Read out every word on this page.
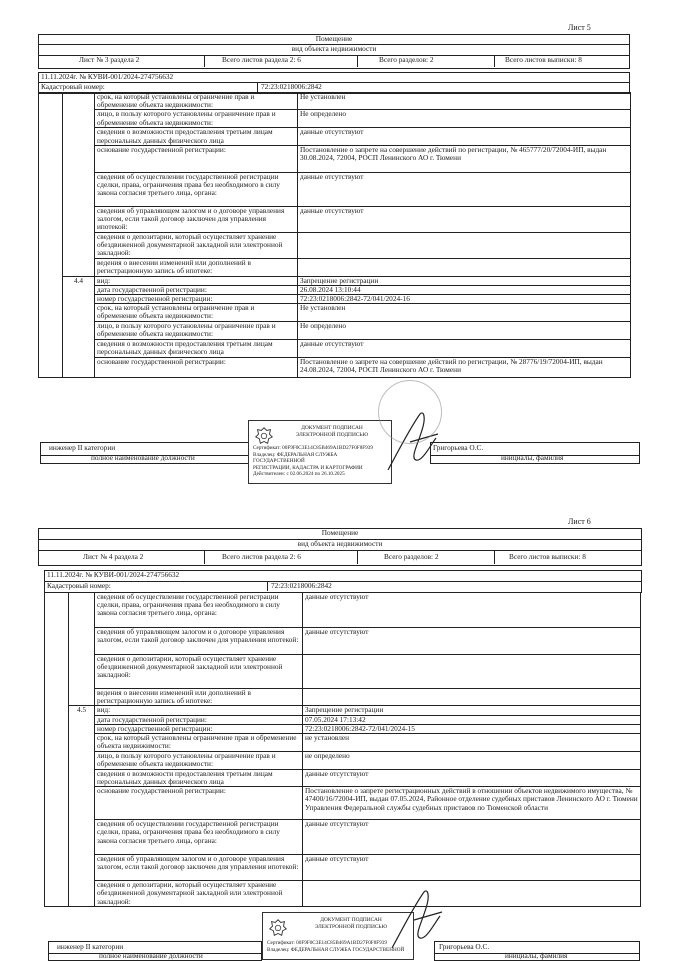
Лист 5
Помещение
вид объекта недвижимости
Лист № 3 раздела 2	Всего листов раздела 2: 6	Всего разделов: 2	Всего листов выписки: 8
11.11.2024г. № КУВИ-001/2024-274756632
Кадастровый номер:	72:23:0218006:2842
		срок, на который установлены ограничение прав и обременение объекта недвижимости:	Не установлен
		лицо, в пользу которого установлены ограничение прав и обременение объекта недвижимости:	Не определено
		сведения о возможности предоставления третьим лицам персональных данных физического лица	данные отсутствуют
		основание государственной регистрации:	Постановление о запрете на совершение действий по регистрации, № 465777/20/72004-ИП, выдан 30.08.2024, 72004, РОСП Ленинского АО г. Тюмени
		сведения об осуществлении государственной регистрации сделки, права, ограничения права без необходимого в силу закона согласия третьего лица, органа:	данные отсутствуют
		сведения об управляющем залогом и о договоре управления залогом, если такой договор заключен для управления ипотекой:	данные отсутствуют
		сведения о депозитарии, который осуществляет хранение обездвиженной документарной закладной или электронной закладной:	
		ведения о внесении изменений или дополнений в регистрационную запись об ипотеке:	
	4.4	вид:	Запрещение регистрации
		дата государственной регистрации:	26.08.2024 13:10:44
		номер государственной регистрации:	72:23:0218006:2842-72/041/2024-16
		срок, на который установлены ограничение прав и обременение объекта недвижимости:	Не установлен
		лицо, в пользу которого установлены ограничение прав и обременение объекта недвижимости:	Не определено
		сведения о возможности предоставления третьим лицам персональных данных физического лица	данные отсутствуют
		основание государственной регистрации:	Постановление о запрете на совершение действий по регистрации, № 28776/19/72004-ИП, выдан 24.08.2024, 72004, РОСП Ленинского АО г. Тюмени
инженер II категории
полное наименование должности
Григорьева О.С.
инициалы, фамилия
ДОКУМЕНТ ПОДПИСАН
ЭЛЕКТРОННОЙ ПОДПИСЬЮ
Сертификат: 00F9F0C3E14C85B469A1BD27F0F8F939
Владелец: ФЕДЕРАЛЬНАЯ СЛУЖБА ГОСУДАРСТВЕННОЙ
РЕГИСТРАЦИИ, КАДАСТРА И КАРТОГРАФИИ
Действителен: с 02.06.2024 по 26.10.2025
Лист 6
Помещение
вид объекта недвижимости
Лист № 4 раздела 2	Всего листов раздела 2: 6	Всего разделов: 2	Всего листов выписки: 8
11.11.2024г. № КУВИ-001/2024-274756632
Кадастровый номер:	72:23:0218006:2842
		сведения об осуществлении государственной регистрации сделки, права, ограничения права без необходимого в силу закона согласия третьего лица, органа:	данные отсутствуют
		сведения об управляющем залогом и о договоре управления залогом, если такой договор заключен для управления ипотекой:	данные отсутствуют
		сведения о депозитарии, который осуществляет хранение обездвиженной документарной закладной или электронной закладной:	
		ведения о внесении изменений или дополнений в регистрационную запись об ипотеке:	
	4.5	вид:	Запрещение регистрации
		дата государственной регистрации:	07.05.2024 17:13:42
		номер государственной регистрации:	72:23:0218006:2842-72/041/2024-15
		срок, на который установлены ограничение прав и обременение объекта недвижимости:	не установлен
		лицо, в пользу которого установлены ограничение прав и обременение объекта недвижимости:	не определено
		сведения о возможности предоставления третьим лицам персональных данных физического лица	данные отсутствуют
		основание государственной регистрации:	Постановление о запрете регистрационных действий в отношении объектов недвижимого имущества, № 47400/16/72004-ИП, выдан 07.05.2024, Районное отделение судебных приставов Ленинского АО г. Тюмени Управления Федеральной службы судебных приставов по Тюменской области
		сведения об осуществлении государственной регистрации сделки, права, ограничения права без необходимого в силу закона согласия третьего лица, органа:	данные отсутствуют
		сведения об управляющем залогом и о договоре управления залогом, если такой договор заключен для управления ипотекой:	данные отсутствуют
		сведения о депозитарии, который осуществляет хранение обездвиженной документарной закладной или электронной закладной:	
инженер II категории
полное наименование должности
Григорьева О.С.
инициалы, фамилия
ДОКУМЕНТ ПОДПИСАН
ЭЛЕКТРОННОЙ ПОДПИСЬЮ
Сертификат: 00F9F0C3E14C85B469A1BD27F0F8F939
Владелец: ФЕДЕРАЛЬНАЯ СЛУЖБА ГОСУДАРСТВЕННОЙ
